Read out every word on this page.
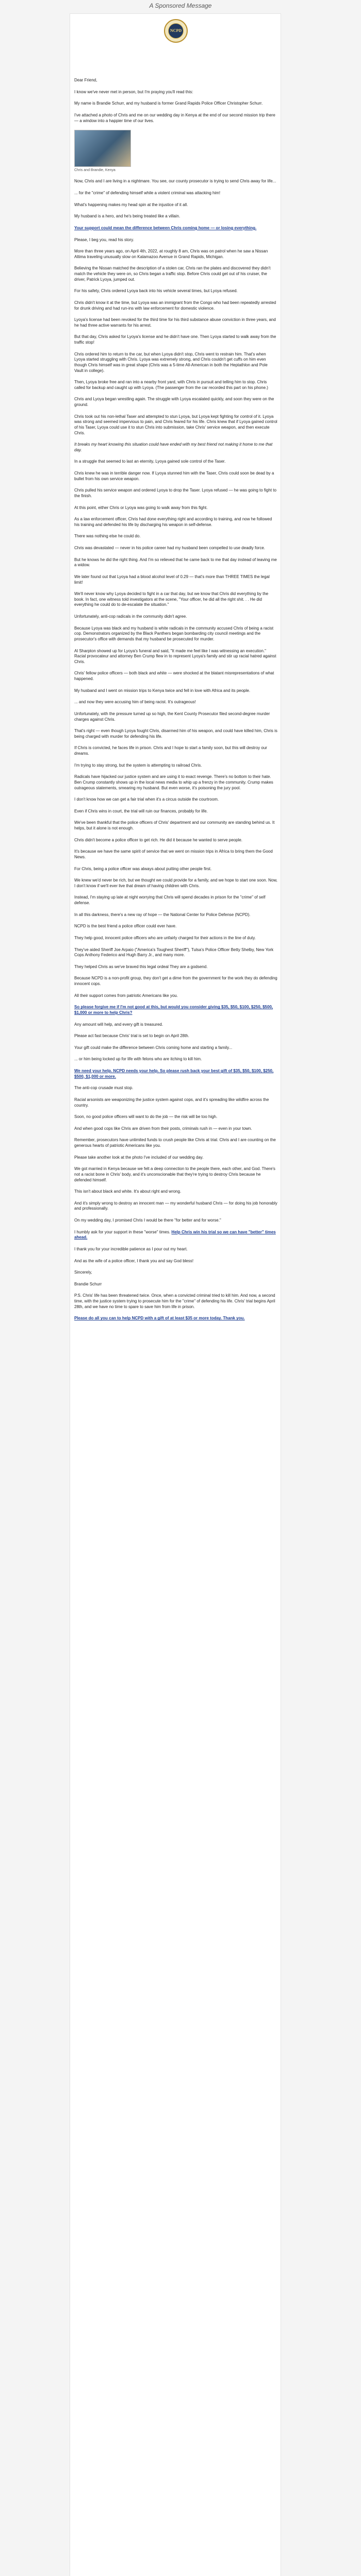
A Sponsored Message
NCPD

Dear Friend,

I know we've never met in person, but I'm praying you'll read this:

My name is Brandie Schurr, and my husband is former Grand Rapids Police Officer Christopher Schurr.

I've attached a photo of Chris and me on our wedding day in Kenya at the end of our second mission trip there — a window into a happier time of our lives.

Chris and Brandie, Kenya

Now, Chris and I are living in a nightmare. You see, our county prosecutor is trying to send Chris away for life...

... for the "crime" of defending himself while a violent criminal was attacking him!

What's happening makes my head spin at the injustice of it all.

My husband is a hero, and he's being treated like a villain.

Your support could mean the difference between Chris coming home — or losing everything.

Please, I beg you, read his story.

More than three years ago, on April 4th, 2022, at roughly 8 am, Chris was on patrol when he saw a Nissan Altima traveling unusually slow on Kalamazoo Avenue in Grand Rapids, Michigan.

Believing the Nissan matched the description of a stolen car, Chris ran the plates and discovered they didn't match the vehicle they were on, so Chris began a traffic stop. Before Chris could get out of his cruiser, the driver, Patrick Lyoya, jumped out.

For his safety, Chris ordered Lyoya back into his vehicle several times, but Lyoya refused.

Chris didn't know it at the time, but Lyoya was an immigrant from the Congo who had been repeatedly arrested for drunk driving and had run-ins with law enforcement for domestic violence.

Lyoya's license had been revoked for the third time for his third substance abuse conviction in three years, and he had three active warrants for his arrest.

But that day, Chris asked for Lyoya's license and he didn't have one. Then Lyoya started to walk away from the traffic stop!

Chris ordered him to return to the car, but when Lyoya didn't stop, Chris went to restrain him. That's when Lyoya started struggling with Chris. Lyoya was extremely strong, and Chris couldn't get cuffs on him even though Chris himself was in great shape (Chris was a 5-time All-American in both the Heptathlon and Pole Vault in college).

Then, Lyoya broke free and ran into a nearby front yard, with Chris in pursuit and telling him to stop. Chris called for backup and caught up with Lyoya. (The passenger from the car recorded this part on his phone.)

Chris and Lyoya began wrestling again. The struggle with Lyoya escalated quickly, and soon they were on the ground.

Chris took out his non-lethal Taser and attempted to stun Lyoya, but Lyoya kept fighting for control of it. Lyoya was strong and seemed impervious to pain, and Chris feared for his life. Chris knew that if Lyoya gained control of his Taser, Lyoya could use it to stun Chris into submission, take Chris' service weapon, and then execute Chris.

It breaks my heart knowing this situation could have ended with my best friend not making it home to me that day.

In a struggle that seemed to last an eternity, Lyoya gained sole control of the Taser.

Chris knew he was in terrible danger now. If Lyoya stunned him with the Taser, Chris could soon be dead by a bullet from his own service weapon.

Chris pulled his service weapon and ordered Lyoya to drop the Taser. Lyoya refused — he was going to fight to the finish.

At this point, either Chris or Lyoya was going to walk away from this fight.

As a law enforcement officer, Chris had done everything right and according to training, and now he followed his training and defended his life by discharging his weapon in self-defense.

There was nothing else he could do.

Chris was devastated — never in his police career had my husband been compelled to use deadly force.

But he knows he did the right thing. And I'm so relieved that he came back to me that day instead of leaving me a widow.

We later found out that Lyoya had a blood alcohol level of 0.29 — that's more than THREE TIMES the legal limit!

We'll never know why Lyoya decided to fight in a car that day, but we know that Chris did everything by the book. In fact, one witness told investigators at the scene, "Your officer, he did all the right shit. . . He did everything he could do to de-escalate the situation."

Unfortunately, anti-cop radicals in the community didn't agree.

Because Lyoya was black and my husband is white radicals in the community accused Chris of being a racist cop. Demonstrators organized by the Black Panthers began bombarding city council meetings and the prosecutor's office with demands that my husband be prosecuted for murder.

Al Sharpton showed up for Lyoya's funeral and said, "It made me feel like I was witnessing an execution." Racial provocateur and attorney Ben Crump flew in to represent Lyoya's family and stir up racial hatred against Chris.

Chris' fellow police officers — both black and white — were shocked at the blatant misrepresentations of what happened.

My husband and I went on mission trips to Kenya twice and fell in love with Africa and its people.

... and now they were accusing him of being racist. It's outrageous!

Unfortunately, with the pressure turned up so high, the Kent County Prosecutor filed second-degree murder charges against Chris.

That's right — even though Lyoya fought Chris, disarmed him of his weapon, and could have killed him, Chris is being charged with murder for defending his life.

If Chris is convicted, he faces life in prison. Chris and I hope to start a family soon, but this will destroy our dreams.

I'm trying to stay strong, but the system is attempting to railroad Chris.

Radicals have hijacked our justice system and are using it to exact revenge. There's no bottom to their hate. Ben Crump constantly shows up in the local news media to whip up a frenzy in the community. Crump makes outrageous statements, smearing my husband. But even worse, it's poisoning the jury pool.

I don't know how we can get a fair trial when it's a circus outside the courtroom.

Even if Chris wins in court, the trial will ruin our finances, probably for life.

We've been thankful that the police officers of Chris' department and our community are standing behind us. It helps, but it alone is not enough.

Chris didn't become a police officer to get rich. He did it because he wanted to serve people.

It's because we have the same spirit of service that we went on mission trips in Africa to bring them the Good News.

For Chris, being a police officer was always about putting other people first.

We knew we'd never be rich, but we thought we could provide for a family, and we hope to start one soon. Now, I don't know if we'll ever live that dream of having children with Chris.

Instead, I'm staying up late at night worrying that Chris will spend decades in prison for the "crime" of self defense.

In all this darkness, there's a new ray of hope — the National Center for Police Defense (NCPD).

NCPD is the best friend a police officer could ever have.

They help good, innocent police officers who are unfairly charged for their actions in the line of duty.

They've aided Sheriff Joe Arpaio ("America's Toughest Sheriff"), Tulsa's Police Officer Betty Shelby, New York Cops Anthony Federico and Hugh Barry Jr., and many more.

They helped Chris as we've braved this legal ordeal They are a godsend.

Because NCPD is a non-profit group, they don't get a dime from the government for the work they do defending innocent cops.

All their support comes from patriotic Americans like you.

So please forgive me if I'm not good at this, but would you consider giving $35, $50, $100, $250, $500, $1,000 or more to help Chris?

Any amount will help, and every gift is treasured.

Please act fast because Chris' trial is set to begin on April 28th.

Your gift could make the difference between Chris coming home and starting a family...

... or him being locked up for life with felons who are itching to kill him.

We need your help. NCPD needs your help. So please rush back your best gift of $35, $50, $100, $250, $500, $1,000 or more.

The anti-cop crusade must stop.

Racial arsonists are weaponizing the justice system against cops, and it's spreading like wildfire across the country.

Soon, no good police officers will want to do the job — the risk will be too high.

And when good cops like Chris are driven from their posts, criminals rush in — even in your town.

Remember, prosecutors have unlimited funds to crush people like Chris at trial. Chris and I are counting on the generous hearts of patriotic Americans like you.

Please take another look at the photo I've included of our wedding day.

We got married in Kenya because we felt a deep connection to the people there, each other, and God. There's not a racist bone in Chris' body, and it's unconscionable that they're trying to destroy Chris because he defended himself.

This isn't about black and white. It's about right and wrong.

And it's simply wrong to destroy an innocent man — my wonderful husband Chris — for doing his job honorably and professionally.

On my wedding day, I promised Chris I would be there "for better and for worse."

I humbly ask for your support in these "worse" times. Help Chris win his trial so we can have "better" times ahead.

I thank you for your incredible patience as I pour out my heart.

And as the wife of a police officer, I thank you and say God bless!

Sincerely,

Brandie Schurr

P.S. Chris' life has been threatened twice. Once, when a convicted criminal tried to kill him. And now, a second time, with the justice system trying to prosecute him for the "crime" of defending his life. Chris' trial begins April 28th, and we have no time to spare to save him from life in prison.

Please do all you can to help NCPD with a gift of at least $35 or more today. Thank you.
